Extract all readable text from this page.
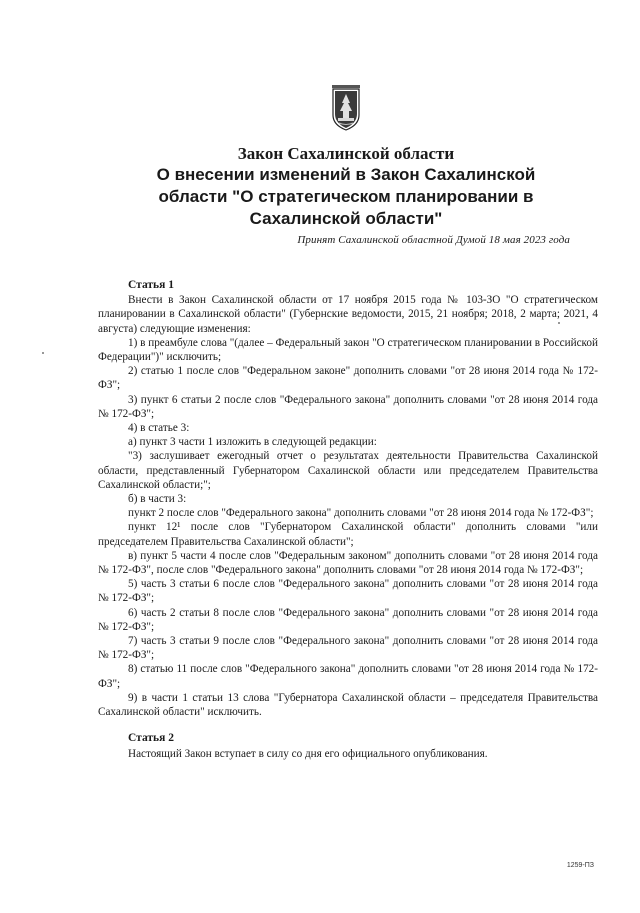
Закон Сахалинской области
О внесении изменений в Закон Сахалинской
области "О стратегическом планировании в
Сахалинской области"
Принят Сахалинской областной Думой 18 мая 2023 года
Статья 1

Внести в Закон Сахалинской области от 17 ноября 2015 года № 103-ЗО "О стратегическом планировании в Сахалинской области" (Губернские ведомости, 2015, 21 ноября; 2018, 2 марта; 2021, 4 августа) следующие изменения:

1) в преамбуле слова "(далее – Федеральный закон "О стратегическом планировании в Российской Федерации")" исключить;

2) статью 1 после слов "Федеральном законе" дополнить словами "от 28 июня 2014 года № 172-ФЗ";

3) пункт 6 статьи 2 после слов "Федерального закона" дополнить словами "от 28 июня 2014 года № 172-ФЗ";

4) в статье 3:

а) пункт 3 части 1 изложить в следующей редакции:

"3) заслушивает ежегодный отчет о результатах деятельности Правительства Сахалинской области, представленный Губернатором Сахалинской области или председателем Правительства Сахалинской области;";

б) в части 3:

пункт 2 после слов "Федерального закона" дополнить словами "от 28 июня 2014 года № 172-ФЗ";

пункт 12¹ после слов "Губернатором Сахалинской области" дополнить словами "или председателем Правительства Сахалинской области";

в) пункт 5 части 4 после слов "Федеральным законом" дополнить словами "от 28 июня 2014 года № 172-ФЗ", после слов "Федерального закона" дополнить словами "от 28 июня 2014 года № 172-ФЗ";

5) часть 3 статьи 6 после слов "Федерального закона" дополнить словами "от 28 июня 2014 года № 172-ФЗ";

6) часть 2 статьи 8 после слов "Федерального закона" дополнить словами "от 28 июня 2014 года № 172-ФЗ";

7) часть 3 статьи 9 после слов "Федерального закона" дополнить словами "от 28 июня 2014 года № 172-ФЗ";

8) статью 11 после слов "Федерального закона" дополнить словами "от 28 июня 2014 года № 172-ФЗ";

9) в части 1 статьи 13 слова "Губернатора Сахалинской области – председателя Правительства Сахалинской области" исключить.

Статья 2

Настоящий Закон вступает в силу со дня его официального опубликования.

1259-ПЗ
